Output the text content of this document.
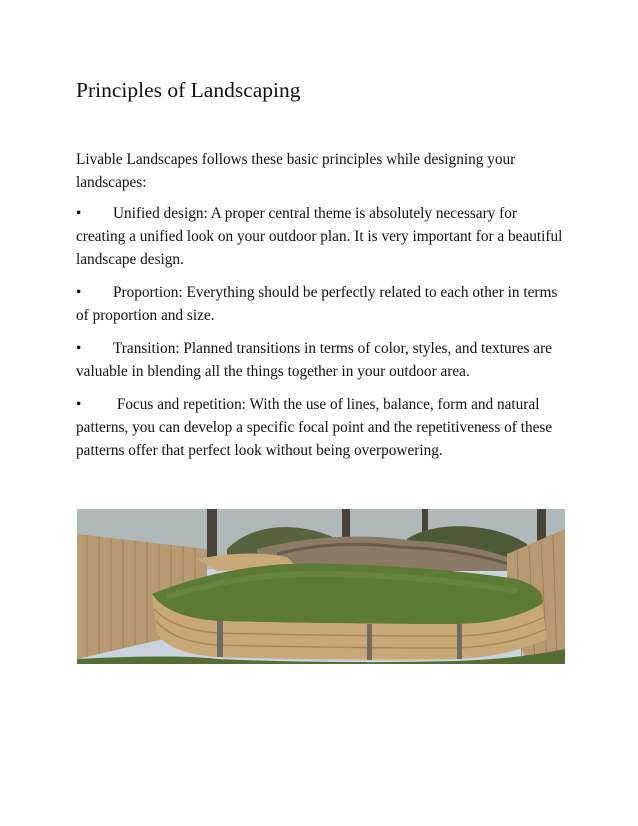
Principles of Landscaping

Livable Landscapes follows these basic principles while designing your landscapes:

• Unified design: A proper central theme is absolutely necessary for creating a unified look on your outdoor plan. It is very important for a beautiful landscape design.
• Proportion: Everything should be perfectly related to each other in terms of proportion and size.
• Transition: Planned transitions in terms of color, styles, and textures are valuable in blending all the things together in your outdoor area.
• Focus and repetition: With the use of lines, balance, form and natural patterns, you can develop a specific focal point and the repetitiveness of these patterns offer that perfect look without being overpowering.
